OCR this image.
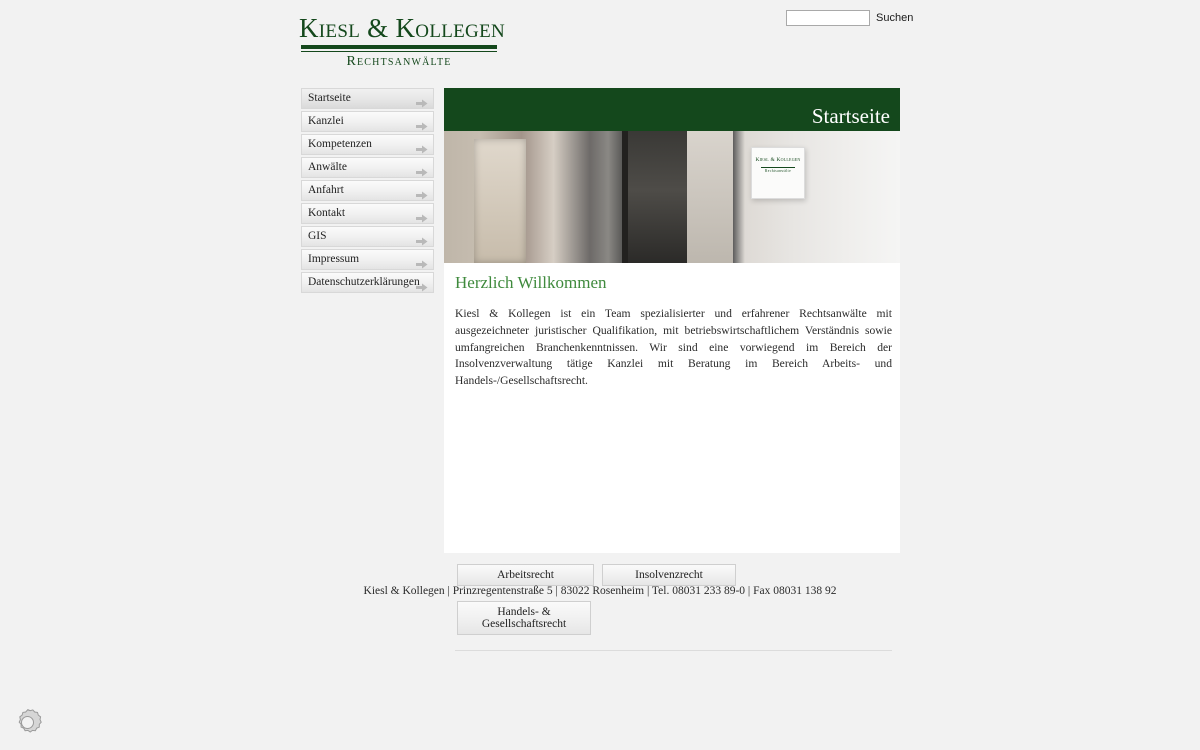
Kiesl & Kollegen
Rechtsanwälte
Suchen
Startseite
Kanzlei
Kompetenzen
Anwälte
Anfahrt
Kontakt
GIS
Impressum
Datenschutzerklärungen
Startseite
Kiesl & Kollegen
Rechtsanwälte
Herzlich Willkommen
Kiesl & Kollegen ist ein Team spezialisierter und erfahrener Rechtsanwälte mit ausgezeichneter juristischer Qualifikation, mit betriebswirtschaftlichem Verständnis sowie umfangreichen Branchenkenntnissen. Wir sind eine vorwiegend im Bereich der Insolvenzverwaltung tätige Kanzlei mit Beratung im Bereich Arbeits- und Handels-/Gesellschaftsrecht.
Arbeitsrecht	Insolvenzrecht
Handels- & Gesellschaftsrecht
Kiesl & Kollegen | Prinzregentenstraße 5 | 83022 Rosenheim | Tel. 08031 233 89-0 | Fax 08031 138 92
